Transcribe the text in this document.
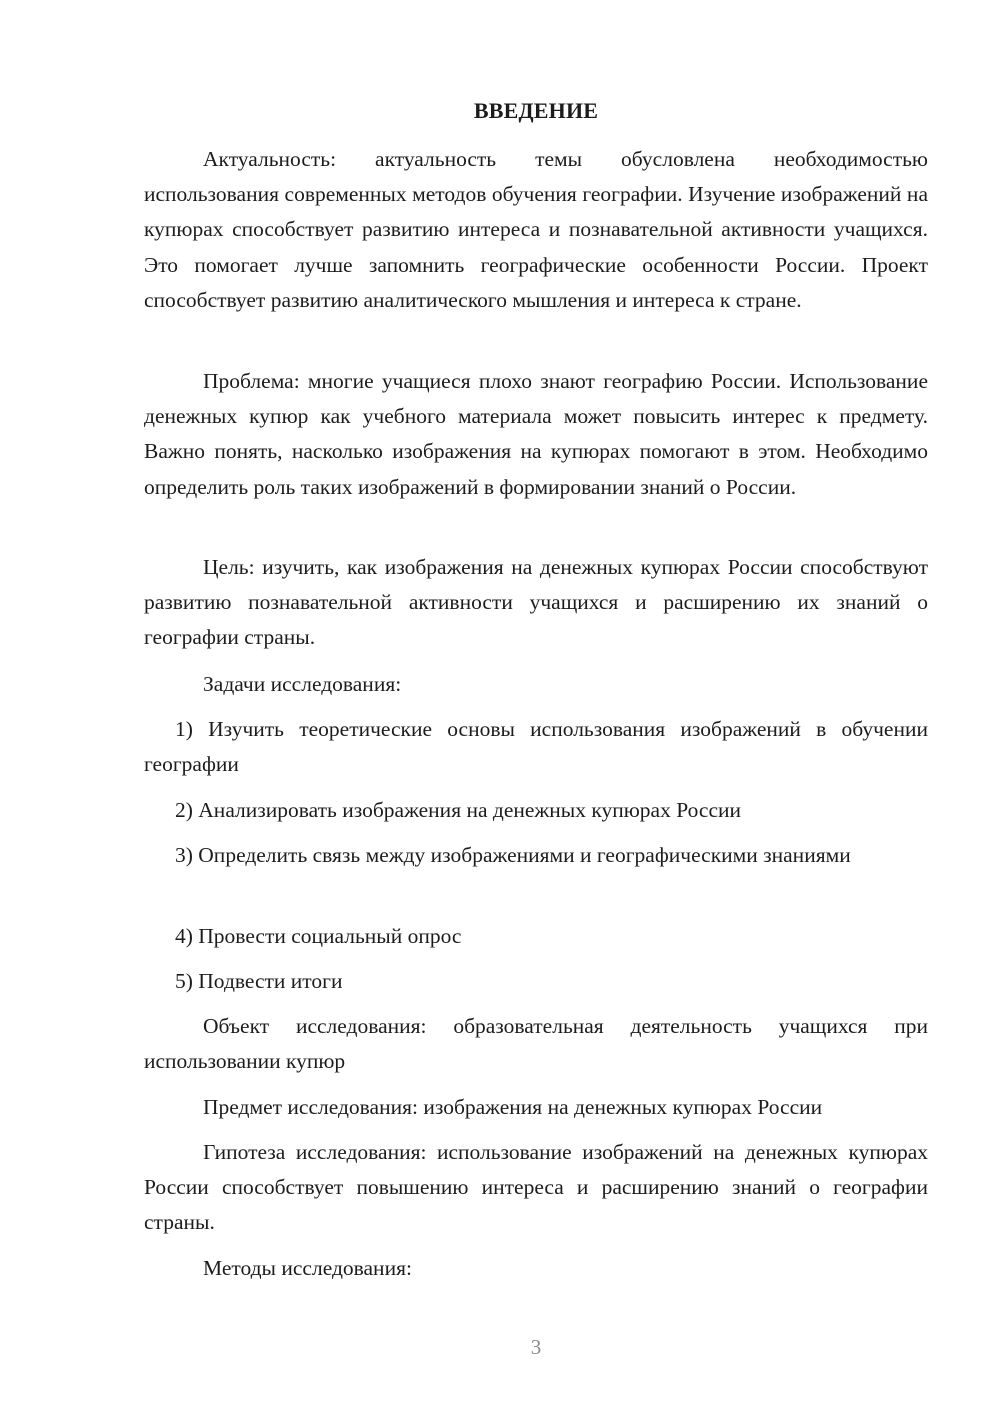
ВВЕДЕНИЕ

Актуальность: актуальность темы обусловлена необходимостью использования современных методов обучения географии. Изучение изображений на купюрах способствует развитию интереса и познавательной активности учащихся. Это помогает лучше запомнить географические особенности России. Проект способствует развитию аналитического мышления и интереса к стране.

Проблема: многие учащиеся плохо знают географию России. Использование денежных купюр как учебного материала может повысить интерес к предмету. Важно понять, насколько изображения на купюрах помогают в этом. Необходимо определить роль таких изображений в формировании знаний о России.

Цель: изучить, как изображения на денежных купюрах России способствуют развитию познавательной активности учащихся и расширению их знаний о географии страны.

Задачи исследования:

1) Изучить теоретические основы использования изображений в обучении географии

2) Анализировать изображения на денежных купюрах России

3) Определить связь между изображениями и географическими знаниями

4) Провести социальный опрос

5) Подвести итоги

Объект исследования: образовательная деятельность учащихся при использовании купюр

Предмет исследования: изображения на денежных купюрах России

Гипотеза исследования: использование изображений на денежных купюрах России способствует повышению интереса и расширению знаний о географии страны.

Методы исследования:

3
